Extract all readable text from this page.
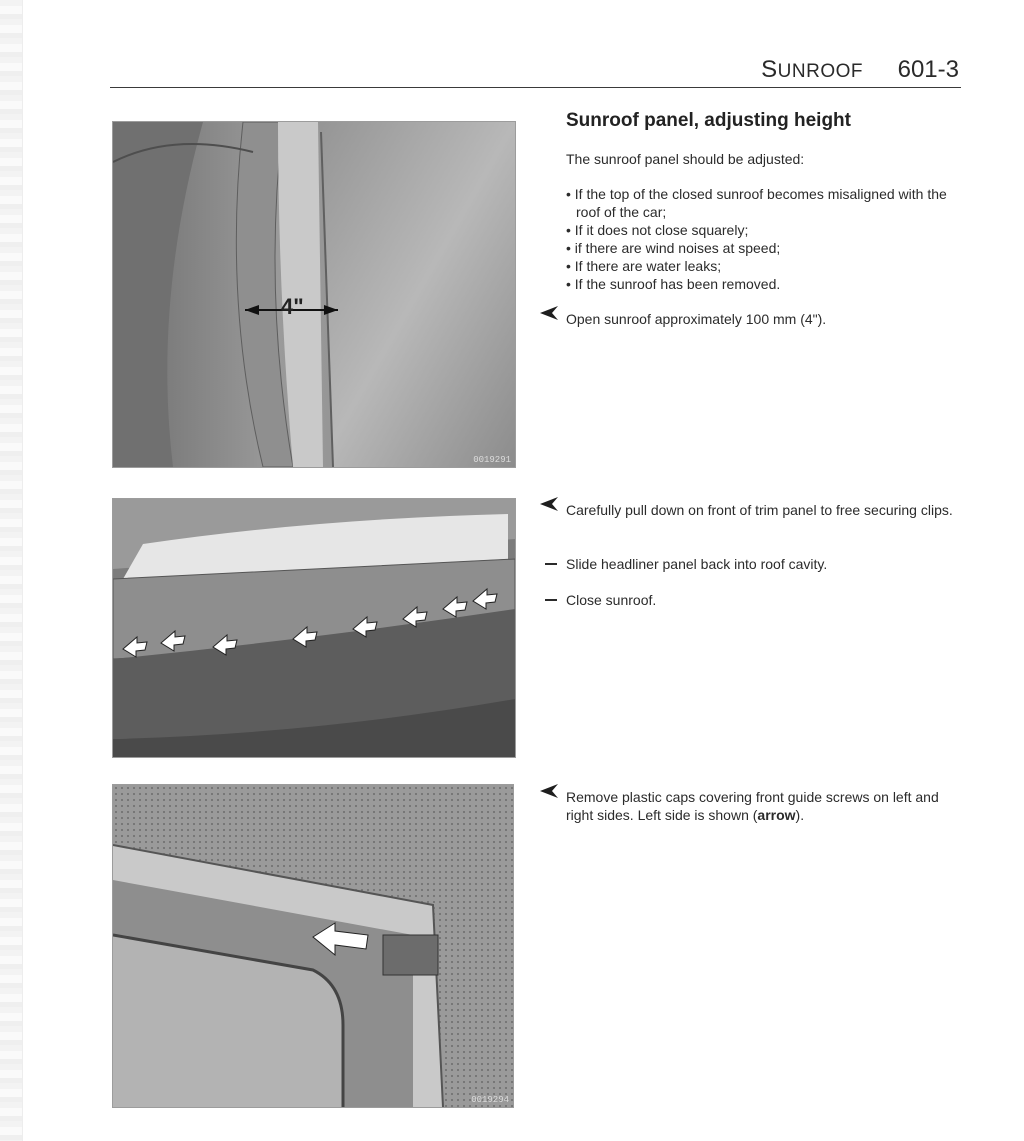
SUNROOF 601-3
4"
0019291
0019294
Sunroof panel, adjusting height
The sunroof panel should be adjusted:
• If the top of the closed sunroof becomes misaligned with the roof of the car;
• If it does not close squarely;
• if there are wind noises at speed;
• If there are water leaks;
• If the sunroof has been removed.
Open sunroof approximately 100 mm (4").
Carefully pull down on front of trim panel to free securing clips.
Slide headliner panel back into roof cavity.
Close sunroof.
Remove plastic caps covering front guide screws on left and right sides. Left side is shown (arrow).
